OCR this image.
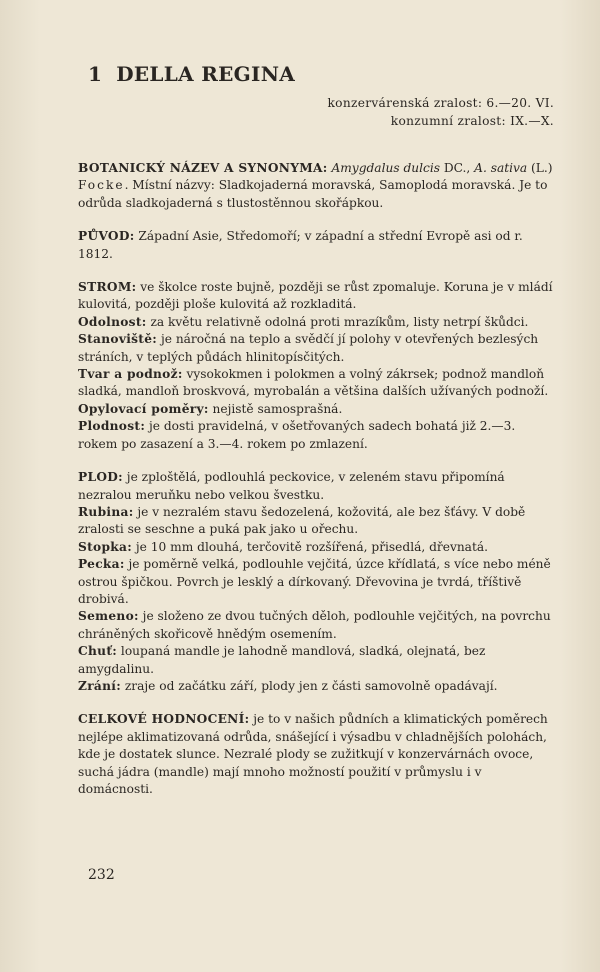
1 DELLA REGINA
konzervárenská zralost: 6.—20. VI.
konzumní zralost: IX.—X.

BOTANICKÝ NÁZEV A SYNONYMA: Amygdalus dulcis DC., A. sativa (L.) Focke. Místní názvy: Sladkojaderná moravská, Samoplodá moravská. Je to odrůda sladkojaderná s tlustostěnnou skořápkou.

PŮVOD: Západní Asie, Středomoří; v západní a střední Evropě asi od r. 1812.

STROM: ve školce roste bujně, později se růst zpomaluje. Koruna je v mládí kulovitá, později ploše kulovitá až rozkladitá.

Odolnost: za květu relativně odolná proti mrazíkům, listy netrpí škůdci.

Stanoviště: je náročná na teplo a svědčí jí polohy v otevřených bezlesých stráních, v teplých půdách hlinitopísčitých.

Tvar a podnož: vysokokmen i polokmen a volný zákrsek; podnož mandloň sladká, mandloň broskvová, myrobalán a většina dalších užívaných podnoží.

Opylovací poměry: nejistě samosprašná.

Plodnost: je dosti pravidelná, v ošetřovaných sadech bohatá již 2.—3. rokem po zasazení a 3.—4. rokem po zmlazení.

PLOD: je zploštělá, podlouhlá peckovice, v zeleném stavu připomíná nezralou meruňku nebo velkou švestku.

Rubina: je v nezralém stavu šedozelená, kožovitá, ale bez šťávy. V době zralosti se seschne a puká pak jako u ořechu.

Stopka: je 10 mm dlouhá, terčovitě rozšířená, přisedlá, dřevnatá.

Pecka: je poměrně velká, podlouhle vejčitá, úzce křídlatá, s více nebo méně ostrou špičkou. Povrch je lesklý a dírkovaný. Dřevovina je tvrdá, tříštivě drobivá.

Semeno: je složeno ze dvou tučných děloh, podlouhle vejčitých, na povrchu chráněných skořicově hnědým osemením.

Chuť: loupaná mandle je lahodně mandlová, sladká, olejnatá, bez amygdalinu.

Zrání: zraje od začátku září, plody jen z části samovolně opadávají.

CELKOVÉ HODNOCENÍ: je to v našich půdních a klimatických poměrech nejlépe aklimatizovaná odrůda, snášející i výsadbu v chladnějších polohách, kde je dostatek slunce. Nezralé plody se zužitkují v konzervárnách ovoce, suchá jádra (mandle) mají mnoho možností použití v průmyslu i v domácnosti.

232
